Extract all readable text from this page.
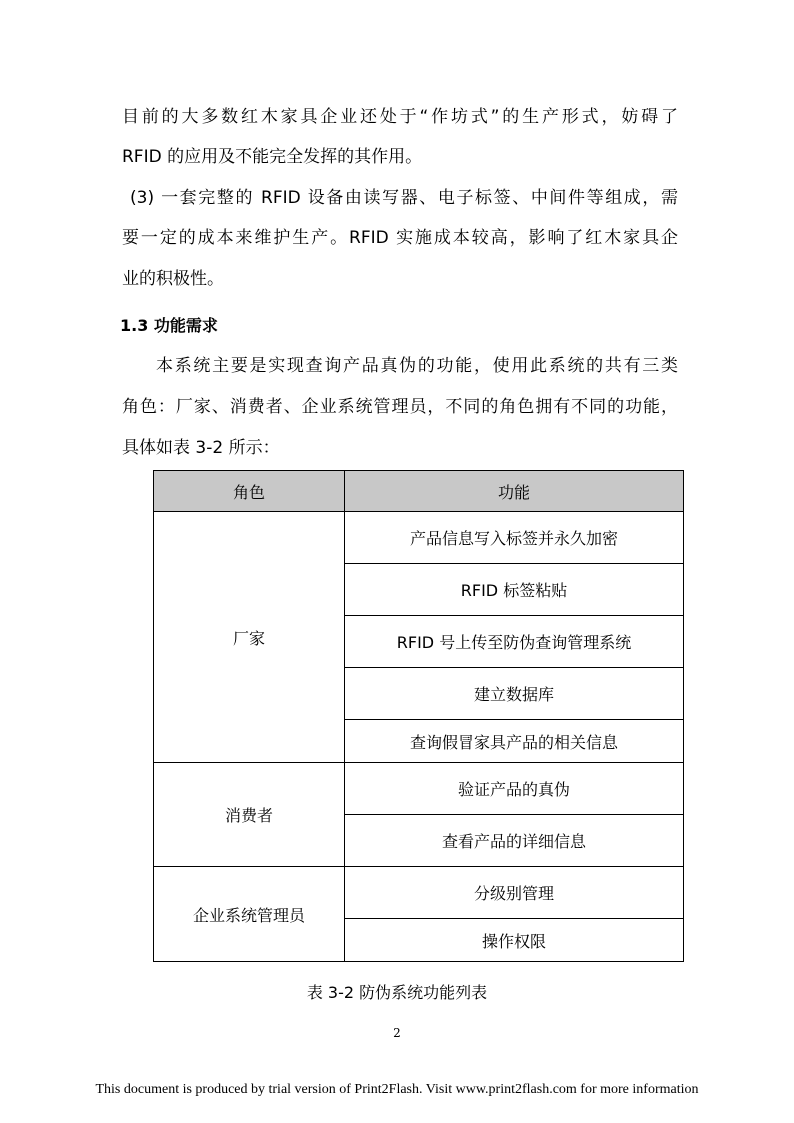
目前的大多数红木家具企业还处于“作坊式”的生产形式，妨碍了
RFID 的应用及不能完全发挥的其作用。
(3) 一套完整的 RFID 设备由读写器、电子标签、中间件等组成，需
要一定的成本来维护生产。RFID 实施成本较高，影响了红木家具企
业的积极性。
1.3 功能需求
本系统主要是实现查询产品真伪的功能，使用此系统的共有三类
角色：厂家、消费者、企业系统管理员，不同的角色拥有不同的功能，
具体如表 3-2 所示：
角色	功能
厂家	产品信息写入标签并永久加密
	RFID 标签粘贴
	RFID 号上传至防伪查询管理系统
	建立数据库
	查询假冒家具产品的相关信息
消费者	验证产品的真伪
	查看产品的详细信息
企业系统管理员	分级别管理
	操作权限
表 3-2 防伪系统功能列表
2
This document is produced by trial version of Print2Flash. Visit www.print2flash.com for more information
